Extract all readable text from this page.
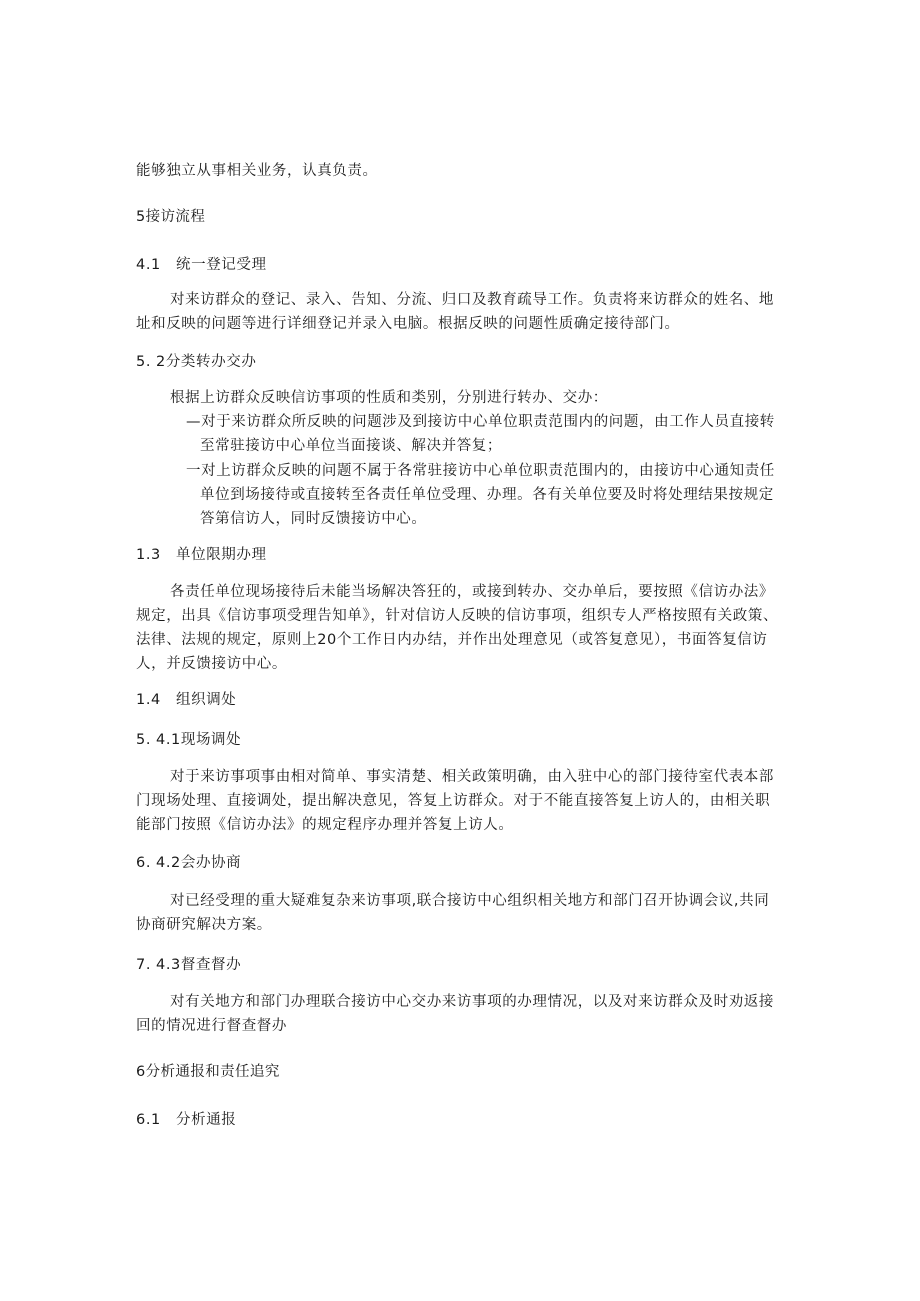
能够独立从事相关业务，认真负责。
5接访流程
4.1 统一登记受理
对来访群众的登记、录入、告知、分流、归口及教育疏导工作。负责将来访群众的姓名、地
址和反映的问题等进行详细登记并录入电脑。根据反映的问题性质确定接待部门。
5. 2分类转办交办
根据上访群众反映信访事项的性质和类别，分别进行转办、交办：
—对于来访群众所反映的问题涉及到接访中心单位职责范围内的问题，由工作人员直接转
至常驻接访中心单位当面接谈、解决并答复；
一对上访群众反映的问题不属于各常驻接访中心单位职责范围内的，由接访中心通知责任
单位到场接待或直接转至各责任单位受理、办理。各有关单位要及时将处理结果按规定
答第信访人，同时反馈接访中心。
1.3 单位限期办理
各责任单位现场接待后未能当场解决答狂的，或接到转办、交办单后，要按照《信访办法》
规定，出具《信访事项受理告知单》，针对信访人反映的信访事项，组织专人严格按照有关政策、
法律、法规的规定，原则上20个工作日内办结，并作出处理意见（或答复意见），书面答复信访
人，并反馈接访中心。
1.4 组织调处
5. 4.1现场调处
对于来访事项事由相对简单、事实清楚、相关政策明确，由入驻中心的部门接待室代表本部
门现场处理、直接调处，提出解决意见，答复上访群众。对于不能直接答复上访人的，由相关职
能部门按照《信访办法》的规定程序办理并答复上访人。
6. 4.2会办协商
对已经受理的重大疑难复杂来访事项,联合接访中心组织相关地方和部门召开协调会议,共同
协商研究解决方案。
7. 4.3督查督办
对有关地方和部门办理联合接访中心交办来访事项的办理情况，以及对来访群众及时劝返接
回的情况进行督查督办
6分析通报和责任追究
6.1 分析通报
